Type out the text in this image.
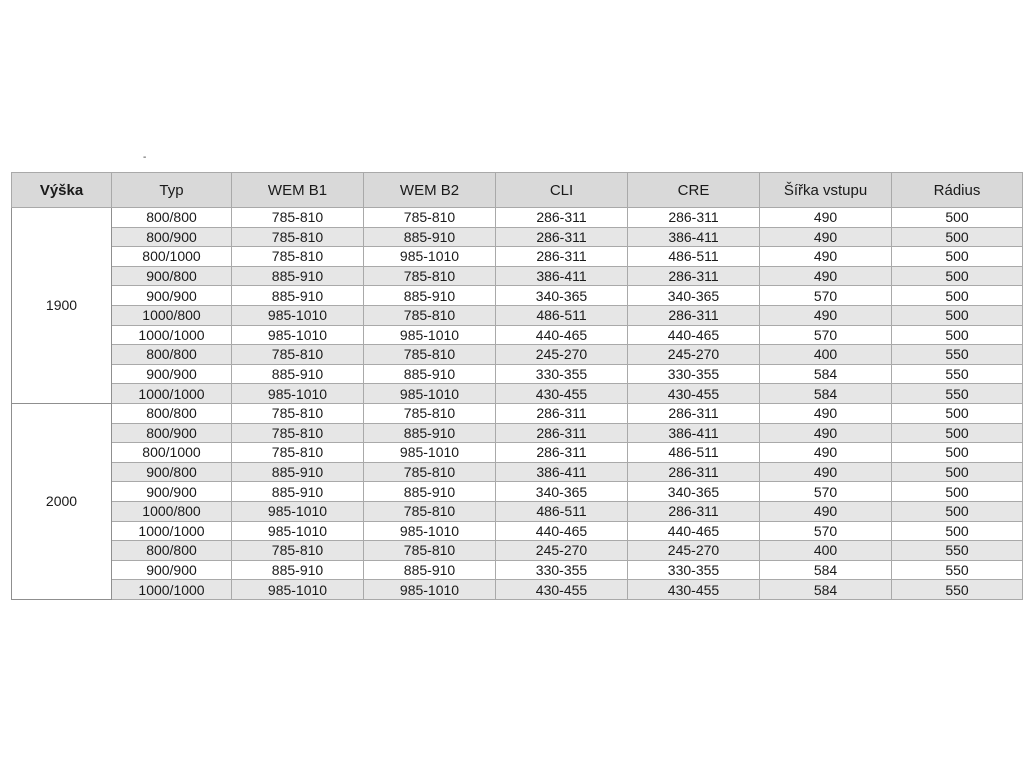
-
Výška	Typ	WEM B1	WEM B2	CLI	CRE	Šířka vstupu	Rádius
1900	800/800	785-810	785-810	286-311	286-311	490	500
	800/900	785-810	885-910	286-311	386-411	490	500
	800/1000	785-810	985-1010	286-311	486-511	490	500
	900/800	885-910	785-810	386-411	286-311	490	500
	900/900	885-910	885-910	340-365	340-365	570	500
	1000/800	985-1010	785-810	486-511	286-311	490	500
	1000/1000	985-1010	985-1010	440-465	440-465	570	500
	800/800	785-810	785-810	245-270	245-270	400	550
	900/900	885-910	885-910	330-355	330-355	584	550
	1000/1000	985-1010	985-1010	430-455	430-455	584	550
2000	800/800	785-810	785-810	286-311	286-311	490	500
	800/900	785-810	885-910	286-311	386-411	490	500
	800/1000	785-810	985-1010	286-311	486-511	490	500
	900/800	885-910	785-810	386-411	286-311	490	500
	900/900	885-910	885-910	340-365	340-365	570	500
	1000/800	985-1010	785-810	486-511	286-311	490	500
	1000/1000	985-1010	985-1010	440-465	440-465	570	500
	800/800	785-810	785-810	245-270	245-270	400	550
	900/900	885-910	885-910	330-355	330-355	584	550
	1000/1000	985-1010	985-1010	430-455	430-455	584	550
